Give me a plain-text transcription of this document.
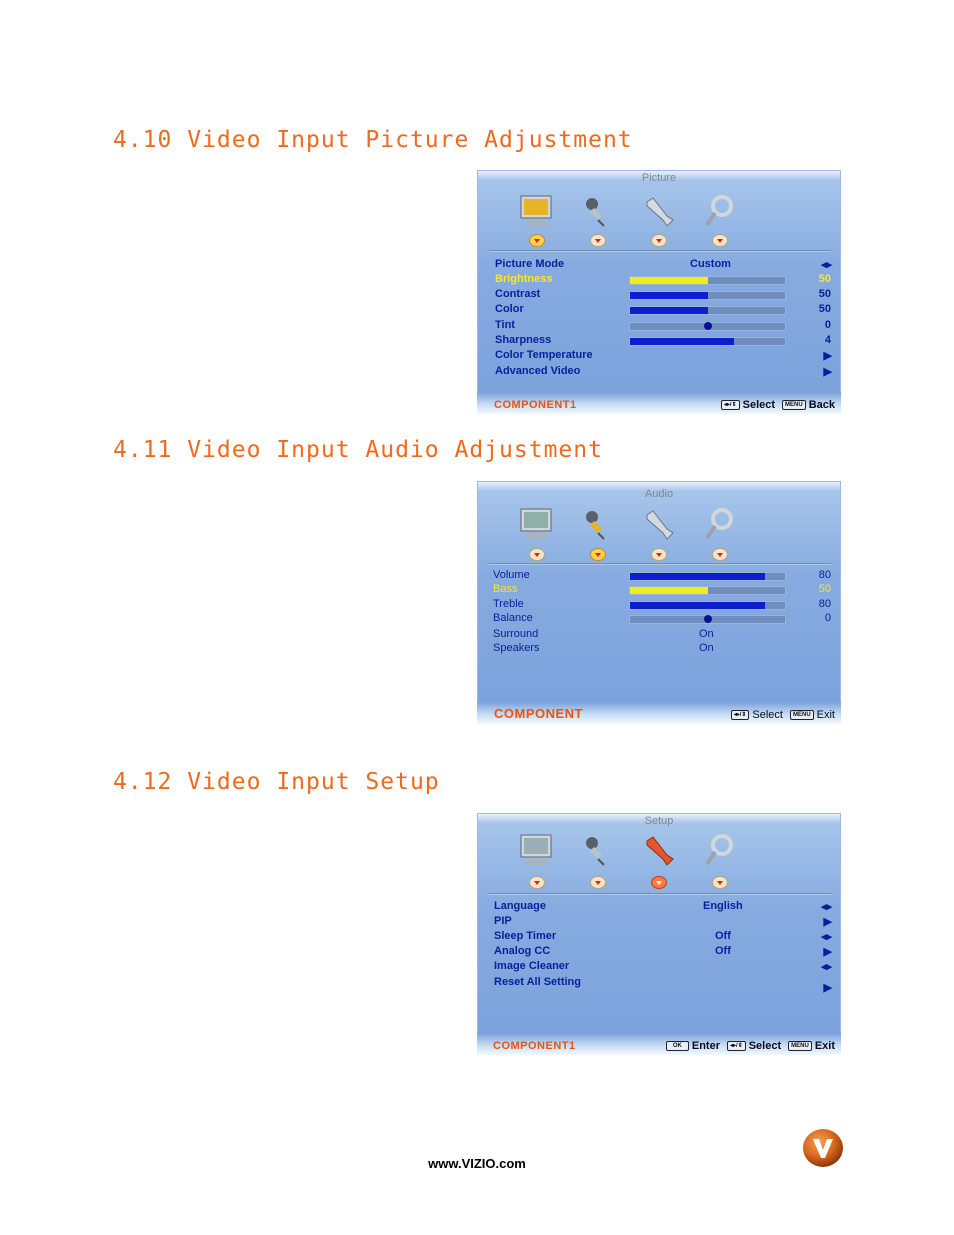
4.10 Video Input Picture Adjustment
Picture
Picture Mode	Custom	◂▸
Brightness	50
Contrast	50
Color	50
Tint	0
Sharpness	4
Color Temperature	▶
Advanced Video	▶
COMPONENT1	◂▸/⇕ Select	MENU Back
4.11 Video Input Audio Adjustment
Audio
Volume	80
Bass	50
Treble	80
Balance	0
Surround	On
Speakers	On
COMPONENT	◂▸/⇕ Select	MENU Exit
4.12 Video Input Setup
Setup
Language	English	◂▸
PIP	▶
Sleep Timer	Off	◂▸
Analog CC	Off	▶
Image Cleaner	◂▸
Reset All Setting	▶
COMPONENT1	OK Enter	◂▸/⇕ Select	MENU Exit
www.VIZIO.com
